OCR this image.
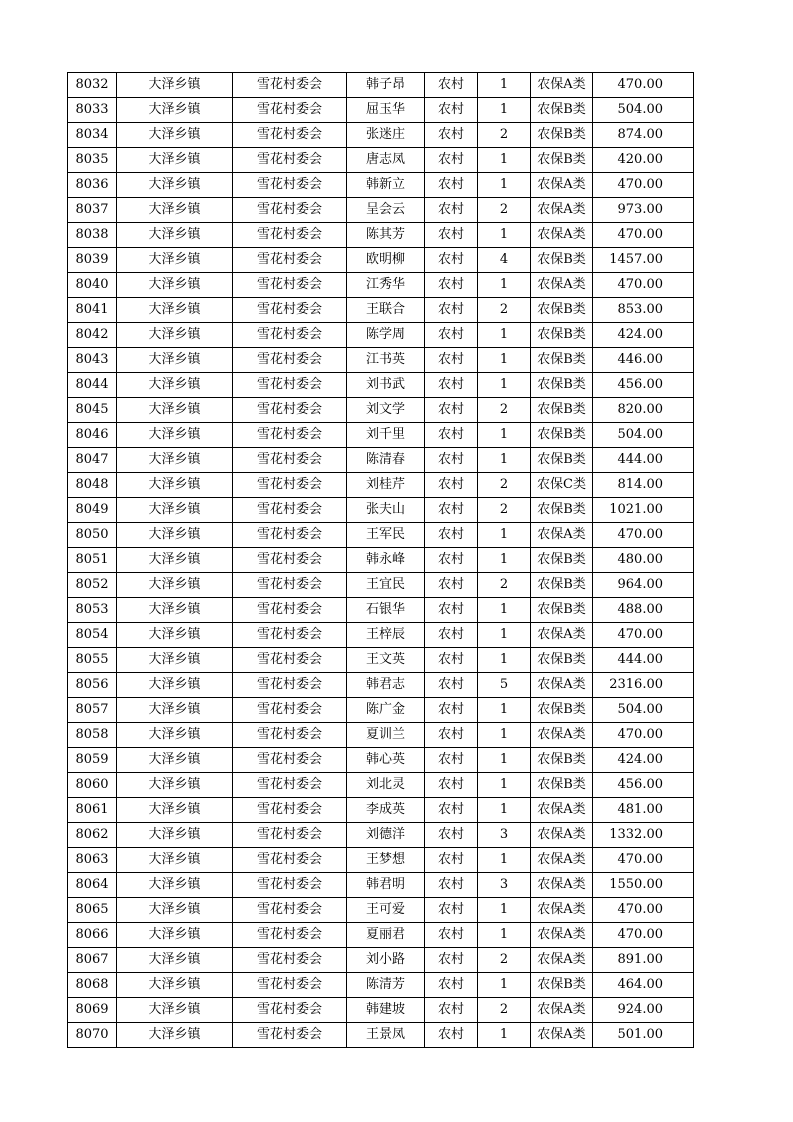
8032	大泽乡镇	雪花村委会	韩子昂	农村	1	农保A类	470.00
8033	大泽乡镇	雪花村委会	屈玉华	农村	1	农保B类	504.00
8034	大泽乡镇	雪花村委会	张迷庄	农村	2	农保B类	874.00
8035	大泽乡镇	雪花村委会	唐志凤	农村	1	农保B类	420.00
8036	大泽乡镇	雪花村委会	韩新立	农村	1	农保A类	470.00
8037	大泽乡镇	雪花村委会	呈会云	农村	2	农保A类	973.00
8038	大泽乡镇	雪花村委会	陈其芳	农村	1	农保A类	470.00
8039	大泽乡镇	雪花村委会	欧明柳	农村	4	农保B类	1457.00
8040	大泽乡镇	雪花村委会	江秀华	农村	1	农保A类	470.00
8041	大泽乡镇	雪花村委会	王联合	农村	2	农保B类	853.00
8042	大泽乡镇	雪花村委会	陈学周	农村	1	农保B类	424.00
8043	大泽乡镇	雪花村委会	江书英	农村	1	农保B类	446.00
8044	大泽乡镇	雪花村委会	刘书武	农村	1	农保B类	456.00
8045	大泽乡镇	雪花村委会	刘文学	农村	2	农保B类	820.00
8046	大泽乡镇	雪花村委会	刘千里	农村	1	农保B类	504.00
8047	大泽乡镇	雪花村委会	陈清春	农村	1	农保B类	444.00
8048	大泽乡镇	雪花村委会	刘桂芹	农村	2	农保C类	814.00
8049	大泽乡镇	雪花村委会	张夫山	农村	2	农保B类	1021.00
8050	大泽乡镇	雪花村委会	王军民	农村	1	农保A类	470.00
8051	大泽乡镇	雪花村委会	韩永峰	农村	1	农保B类	480.00
8052	大泽乡镇	雪花村委会	王宜民	农村	2	农保B类	964.00
8053	大泽乡镇	雪花村委会	石银华	农村	1	农保B类	488.00
8054	大泽乡镇	雪花村委会	王梓辰	农村	1	农保A类	470.00
8055	大泽乡镇	雪花村委会	王文英	农村	1	农保B类	444.00
8056	大泽乡镇	雪花村委会	韩君志	农村	5	农保A类	2316.00
8057	大泽乡镇	雪花村委会	陈广金	农村	1	农保B类	504.00
8058	大泽乡镇	雪花村委会	夏训兰	农村	1	农保A类	470.00
8059	大泽乡镇	雪花村委会	韩心英	农村	1	农保B类	424.00
8060	大泽乡镇	雪花村委会	刘北灵	农村	1	农保B类	456.00
8061	大泽乡镇	雪花村委会	李成英	农村	1	农保A类	481.00
8062	大泽乡镇	雪花村委会	刘德洋	农村	3	农保A类	1332.00
8063	大泽乡镇	雪花村委会	王梦想	农村	1	农保A类	470.00
8064	大泽乡镇	雪花村委会	韩君明	农村	3	农保A类	1550.00
8065	大泽乡镇	雪花村委会	王可爱	农村	1	农保A类	470.00
8066	大泽乡镇	雪花村委会	夏丽君	农村	1	农保A类	470.00
8067	大泽乡镇	雪花村委会	刘小路	农村	2	农保A类	891.00
8068	大泽乡镇	雪花村委会	陈清芳	农村	1	农保B类	464.00
8069	大泽乡镇	雪花村委会	韩建坡	农村	2	农保A类	924.00
8070	大泽乡镇	雪花村委会	王景凤	农村	1	农保A类	501.00
